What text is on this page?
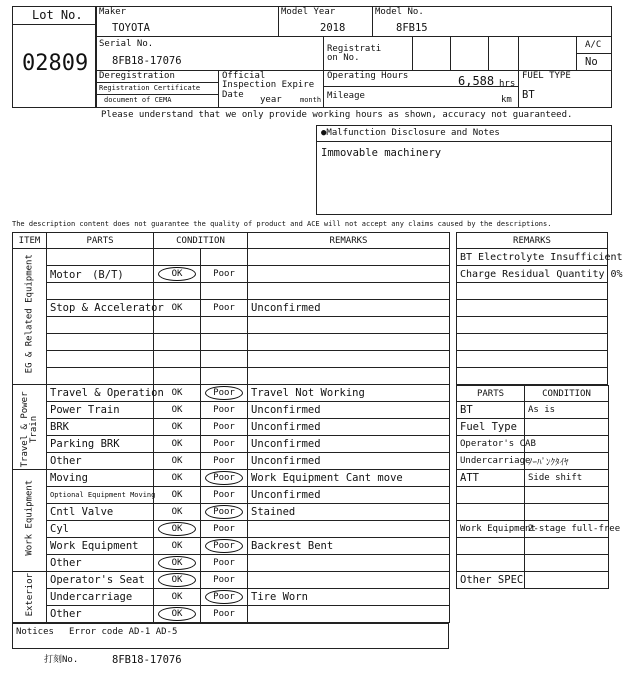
Lot No.
02809
Maker
TOYOTA
Model Year
2018
Model No.
8FB15
Serial No.
8FB18-17076
Registrati on No.
A/C
No
Deregistration
Registration Certificate
document of CEMA
Official Inspection Expire Date
year	month
Operating Hours	6,588 hrs
Mileage	km
FUEL TYPE
BT
Please understand that we only provide working hours as shown, accuracy not guaranteed.
●Malfunction Disclosure and Notes
Immovable machinery
The description content does not guarantee the quality of product and ACE will not accept any claims caused by the descriptions.
ITEM	PARTS	CONDITION		REMARKS

EG & Related Equipment				

	Motor　(B/T)	OK	Poor	

	Stop & Accelerator	OK	Poor	Unconfirmed

Travel & Power Train	Travel & Operation	OK	Poor	Travel Not Working
	Power Train	OK	Poor	Unconfirmed
	BRK	OK	Poor	Unconfirmed
	Parking BRK	OK	Poor	Unconfirmed
	Other	OK	Poor	Unconfirmed

Work Equipment	Moving	OK	Poor	Work Equipment Cant move
	Optional Equipment Moving	OK	Poor	Unconfirmed
	Cntl Valve	OK	Poor	Stained
	Cyl	OK	Poor	
	Work Equipment	OK	Poor	Backrest Bent
	Other	OK	Poor	

Exterior	Operator's Seat	OK	Poor	
	Undercarriage	OK	Poor	Tire Worn
	Other	OK	Poor	
REMARKS
BT Electrolyte Insufficient
Charge Residual Quantity 0%

PARTS	CONDITION
BT	As is
Fuel Type	
Operator's CAB	
Undercarriage	ﾉｰﾊﾟﾝｸﾀｲﾔ
ATT	Side shift

Work Equipment	2-stage full-free

Other SPEC	
Notices Error code AD-1 AD-5
打刻No.	8FB18-17076
